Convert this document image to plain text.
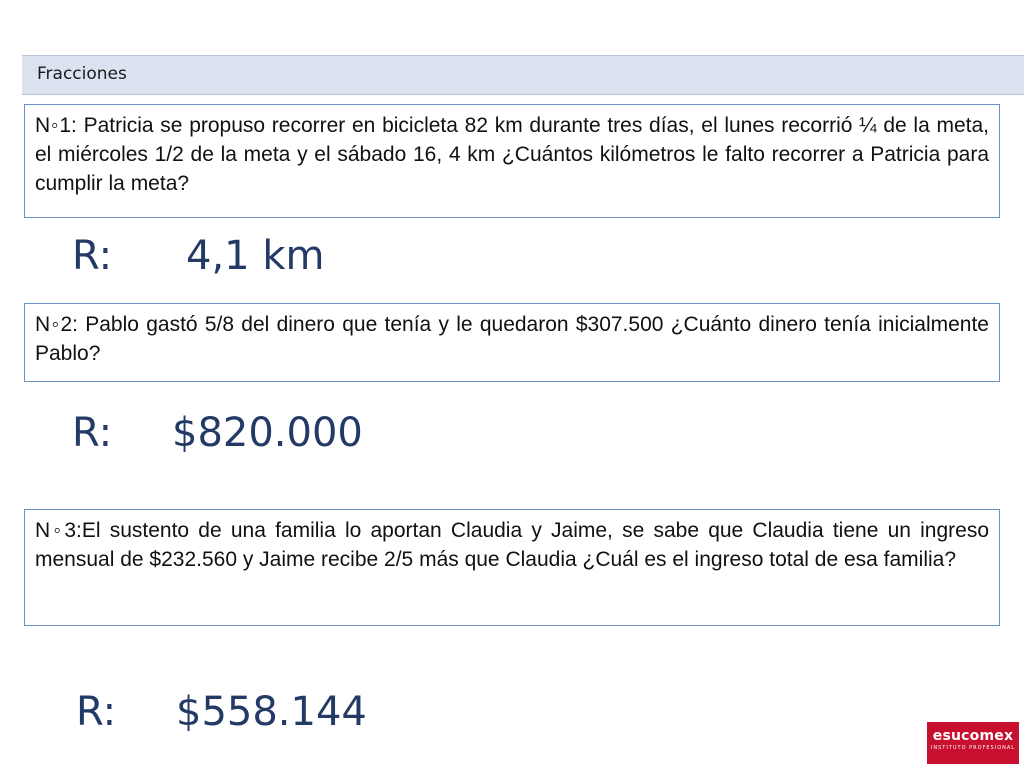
Fracciones
N◦1: Patricia se propuso recorrer en bicicleta 82 km durante tres días, el lunes recorrió ¼ de la meta, el miércoles 1/2 de la meta y el sábado 16, 4 km ¿Cuántos kilómetros le falto recorrer a Patricia para cumplir la meta?
R: 4,1 km
N◦2: Pablo gastó 5/8 del dinero que tenía y le quedaron $307.500 ¿Cuánto dinero tenía inicialmente Pablo?
R: $820.000
N◦3:El sustento de una familia lo aportan Claudia y Jaime, se sabe que Claudia tiene un ingreso mensual de $232.560 y Jaime recibe 2/5 más que Claudia ¿Cuál es el ingreso total de esa familia?
R: $558.144
esucomex
INSTITUTO PROFESIONAL
